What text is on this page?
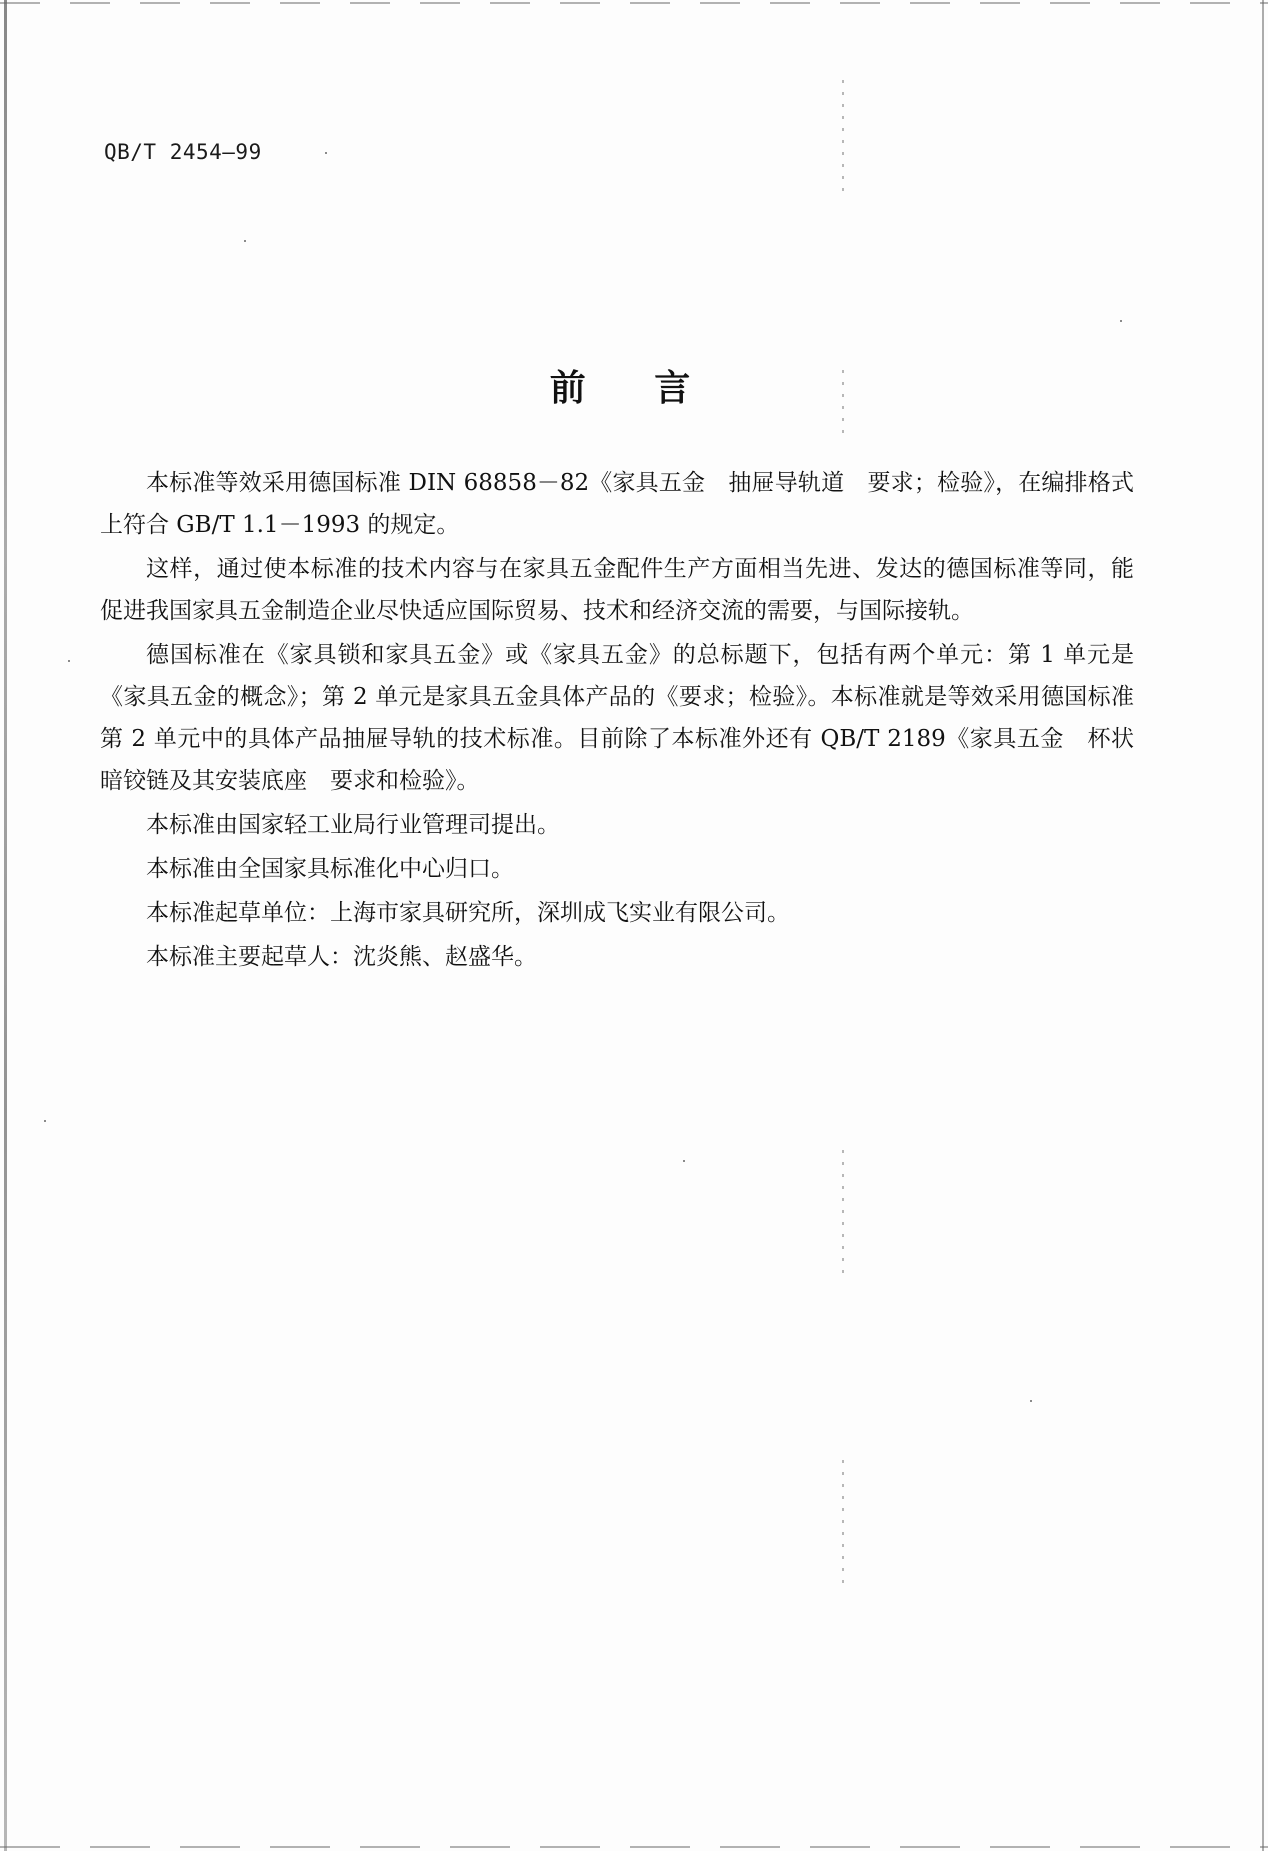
QB/T 2454—99
前 言

本标准等效采用德国标准 DIN 68858－82《家具五金　抽屉导轨道　要求；检验》，在编排格式上符合 GB/T 1.1－1993 的规定。

这样，通过使本标准的技术内容与在家具五金配件生产方面相当先进、发达的德国标准等同，能促进我国家具五金制造企业尽快适应国际贸易、技术和经济交流的需要，与国际接轨。

德国标准在《家具锁和家具五金》或《家具五金》的总标题下，包括有两个单元：第 1 单元是《家具五金的概念》；第 2 单元是家具五金具体产品的《要求；检验》。本标准就是等效采用德国标准第 2 单元中的具体产品抽屉导轨的技术标准。目前除了本标准外还有 QB/T 2189《家具五金　杯状暗铰链及其安装底座　要求和检验》。

本标准由国家轻工业局行业管理司提出。

本标准由全国家具标准化中心归口。

本标准起草单位：上海市家具研究所，深圳成飞实业有限公司。

本标准主要起草人：沈炎熊、赵盛华。
